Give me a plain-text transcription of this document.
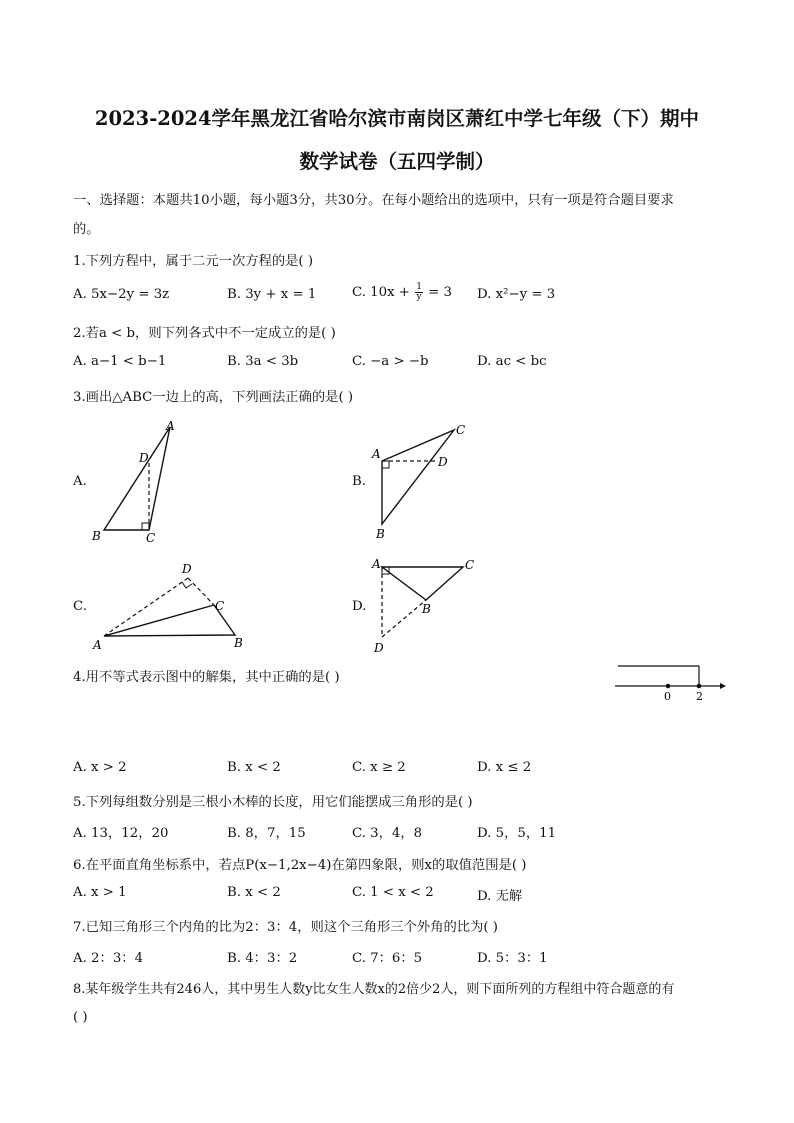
2023-2024学年黑龙江省哈尔滨市南岗区萧红中学七年级（下）期中
数学试卷（五四学制）
一、选择题：本题共10小题，每小题3分，共30分。在每小题给出的选项中，只有一项是符合题目要求
的。
1.下列方程中，属于二元一次方程的是( )
A. 5x−2y = 3z	B. 3y + x = 1	C. $10x + \frac{1}{y} = 3$ D. x²−y = 3
2.若a < b，则下列各式中不一定成立的是( )
A. a−1 < b−1	B. 3a < 3b	C. −a > −b	D. ac < bc
3.画出△ABC一边上的高，下列画法正确的是( )
A.
A
D
B	C
B.
A
C
D
B
C.
D
C
A	B
D.
A	C
B
D
4.用不等式表示图中的解集，其中正确的是( )
0 2
A. x > 2	B. x < 2	C. x ≥ 2	D. x ≤ 2
5.下列每组数分别是三根小木棒的长度，用它们能摆成三角形的是( )
A. 13，12，20	B. 8，7，15	C. 3，4，8	D. 5，5，11
6.在平面直角坐标系中，若点P(x−1,2x−4)在第四象限，则x的取值范围是( )
A. x > 1	B. x < 2	C. 1 < x < 2	D. 无解
7.已知三角形三个内角的比为2：3：4，则这个三角形三个外角的比为( )
A. 2：3：4	B. 4：3：2	C. 7：6：5	D. 5：3：1
8.某年级学生共有246人，其中男生人数y比女生人数x的2倍少2人，则下面所列的方程组中符合题意的有
( )
